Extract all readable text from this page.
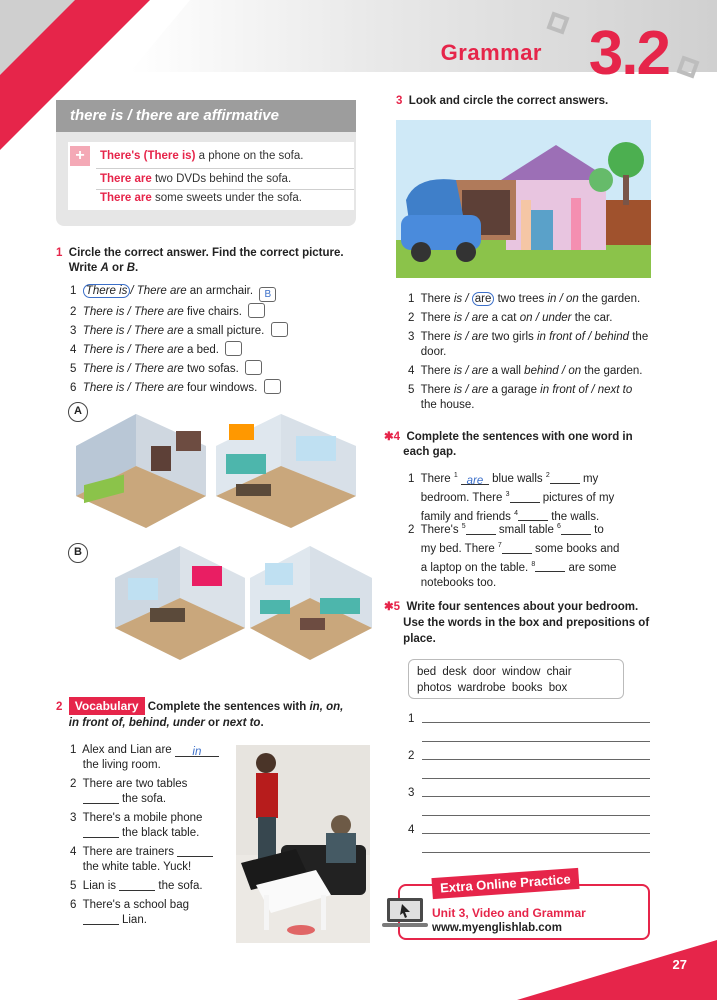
Grammar 3.2
there is / there are affirmative
+	There's (There is) a phone on the sofa.
There are two DVDs behind the sofa.
There are some sweets under the sofa.
1 Circle the correct answer. Find the correct picture.
Write A or B.
1 There is / There are an armchair. B
2 There is / There are five chairs.
3 There is / There are a small picture.
4 There is / There are a bed.
5 There is / There are two sofas.
6 There is / There are four windows.
A
B
2 Vocabulary Complete the sentences with in, on,
in front of, behind, under or next to.
1 Alex and Lian are in
the living room.
2 There are two tables
the sofa.
3 There's a mobile phone
the black table.
4 There are trainers
the white table. Yuck!
5 Lian is	the sofa.
6 There's a school bag
Lian.
3 Look and circle the correct answers.
1 There is / are two trees in / on the garden.
2 There is / are a cat on / under the car.
3 There is / are two girls in front of / behind the
door.
4 There is / are a wall behind / on the garden.
5 There is / are a garage in front of / next to
the house.
✱4 Complete the sentences with one word in
each gap.
1 There $^1$ are blue walls $^2$	my
bedroom. There $^3$	pictures of my
family and friends $^4$	the walls.
2 There's $^5$	small table $^6$	to
my bed. There $^7$	some books and
a laptop on the table. $^8$	are some
notebooks too.
✱5 Write four sentences about your bedroom.
Use the words in the box and prepositions of
place.
bed desk door window chair
photos wardrobe books box
1
2
3
4
Extra Online Practice
Unit 3, Video and Grammar
www.myenglishlab.com
27
